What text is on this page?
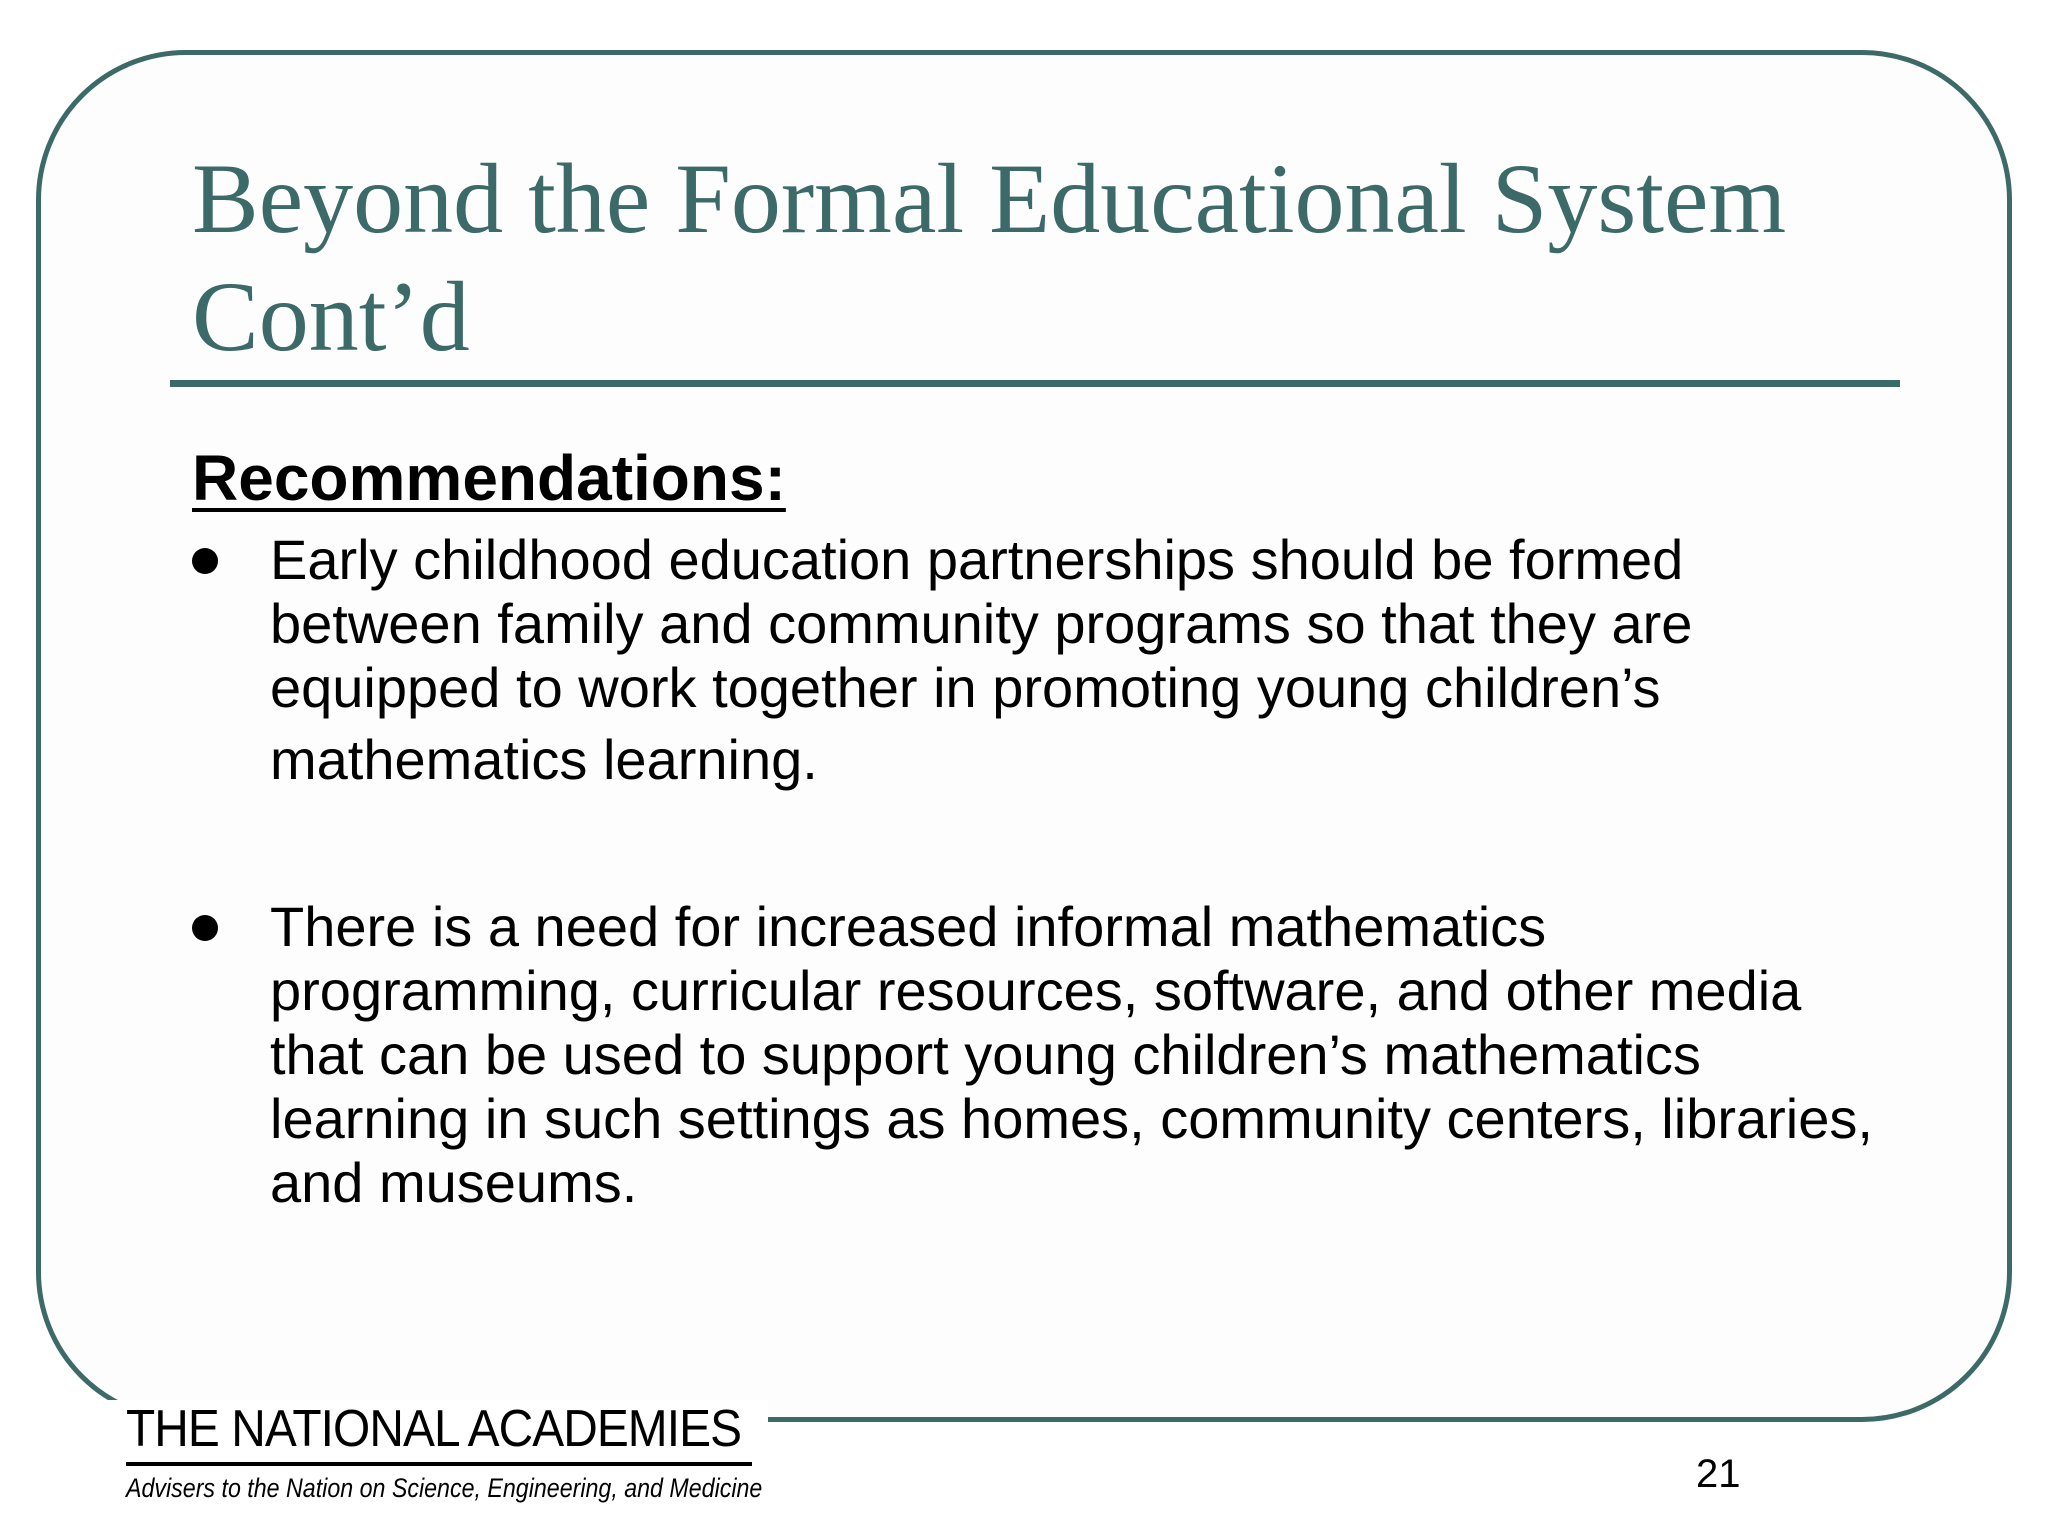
Beyond the Formal Educational System
Cont’d
Recommendations:
Early childhood education partnerships should be formed between family and community programs so that they are equipped to work together in promoting young children’s
mathematics learning.
There is a need for increased informal mathematics programming, curricular resources, software, and other media that can be used to support young children’s mathematics learning in such settings as homes, community centers, libraries, and museums.
THE NATIONAL ACADEMIES
Advisers to the Nation on Science, Engineering, and Medicine	21
